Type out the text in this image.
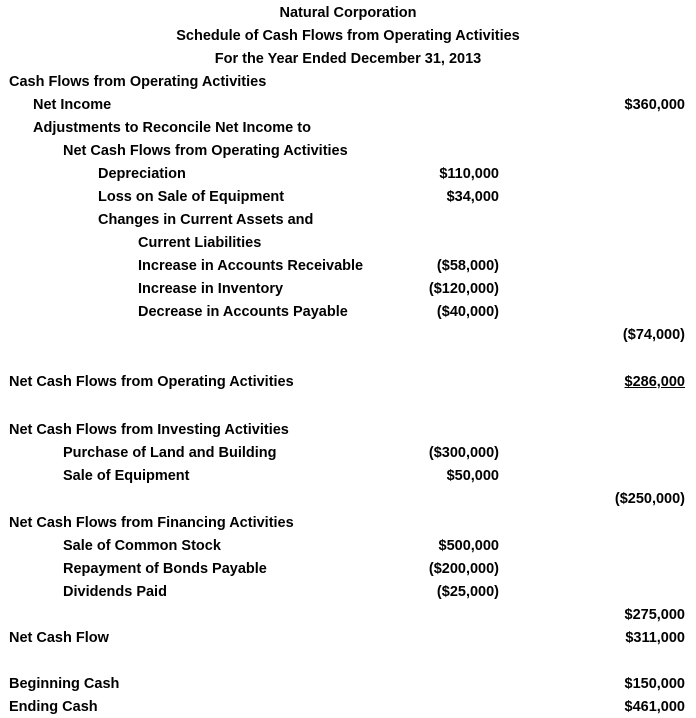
Natural Corporation
Schedule of Cash Flows from Operating Activities
For the Year Ended December 31, 2013
Cash Flows from Operating Activities
Net Income	$360,000
Adjustments to Reconcile Net Income to
Net Cash Flows from Operating Activities
Depreciation	$110,000
Loss on Sale of Equipment	$34,000
Changes in Current Assets and
Current Liabilities
Increase in Accounts Receivable	($58,000)
Increase in Inventory	($120,000)
Decrease in Accounts Payable	($40,000)
($74,000)
Net Cash Flows from Operating Activities	$286,000
Net Cash Flows from Investing Activities
Purchase of Land and Building	($300,000)
Sale of Equipment	$50,000
($250,000)
Net Cash Flows from Financing Activities
Sale of Common Stock	$500,000
Repayment of Bonds Payable	($200,000)
Dividends Paid	($25,000)
$275,000
Net Cash Flow	$311,000
Beginning Cash	$150,000
Ending Cash	$461,000
